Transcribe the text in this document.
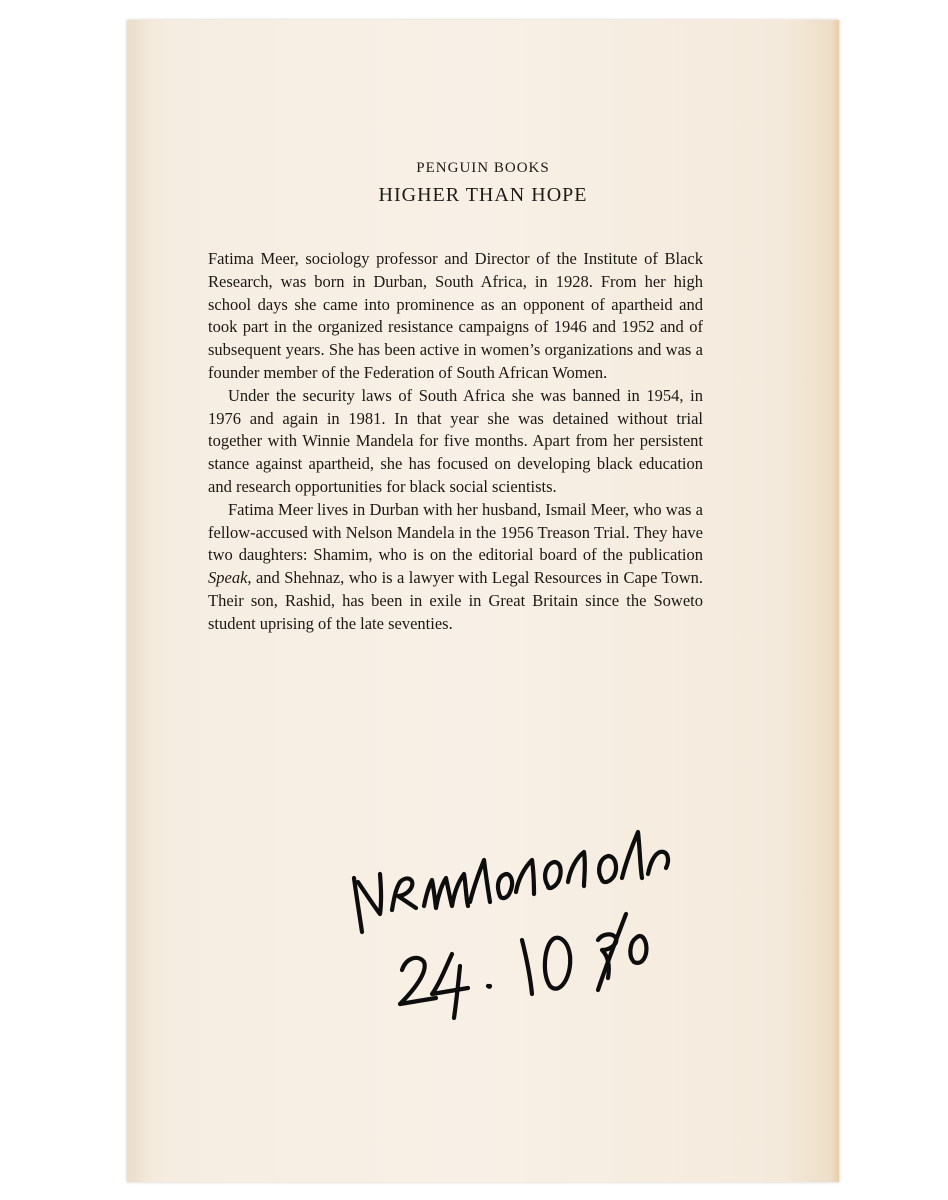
PENGUIN BOOKS
HIGHER THAN HOPE

Fatima Meer, sociology professor and Director of the Institute of Black Research, was born in Durban, South Africa, in 1928. From her high school days she came into prominence as an opponent of apartheid and took part in the organized resistance campaigns of 1946 and 1952 and of subsequent years. She has been active in women’s organizations and was a founder member of the Federation of South African Women.

Under the security laws of South Africa she was banned in 1954, in 1976 and again in 1981. In that year she was detained without trial together with Winnie Mandela for five months. Apart from her persistent stance against apartheid, she has focused on developing black education and research opportunities for black social scientists.

Fatima Meer lives in Durban with her husband, Ismail Meer, who was a fellow-accused with Nelson Mandela in the 1956 Treason Trial. They have two daughters: Shamim, who is on the editorial board of the publication Speak, and Shehnaz, who is a lawyer with Legal Resources in Cape Town. Their son, Rashid, has been in exile in Great Britain since the Soweto student uprising of the late seventies.
